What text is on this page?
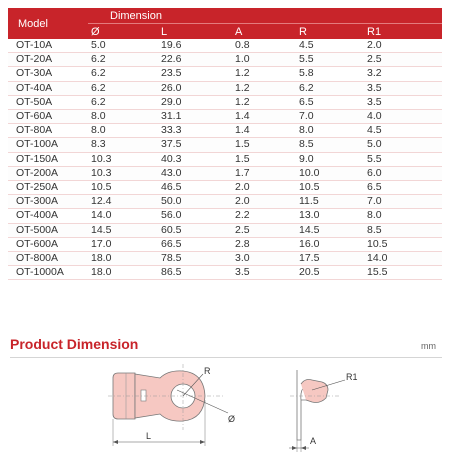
Model	Dimension				
	Ø	L	A	R	R1
OT-10A	5.0	19.6	0.8	4.5	2.0
OT-20A	6.2	22.6	1.0	5.5	2.5
OT-30A	6.2	23.5	1.2	5.8	3.2
OT-40A	6.2	26.0	1.2	6.2	3.5
OT-50A	6.2	29.0	1.2	6.5	3.5
OT-60A	8.0	31.1	1.4	7.0	4.0
OT-80A	8.0	33.3	1.4	8.0	4.5
OT-100A	8.3	37.5	1.5	8.5	5.0
OT-150A	10.3	40.3	1.5	9.0	5.5
OT-200A	10.3	43.0	1.7	10.0	6.0
OT-250A	10.5	46.5	2.0	10.5	6.5
OT-300A	12.4	50.0	2.0	11.5	7.0
OT-400A	14.0	56.0	2.2	13.0	8.0
OT-500A	14.5	60.5	2.5	14.5	8.5
OT-600A	17.0	66.5	2.8	16.0	10.5
OT-800A	18.0	78.5	3.0	17.5	14.0
OT-1000A	18.0	86.5	3.5	20.5	15.5
Product Dimension	mm
R
Ø
L
R1
A
